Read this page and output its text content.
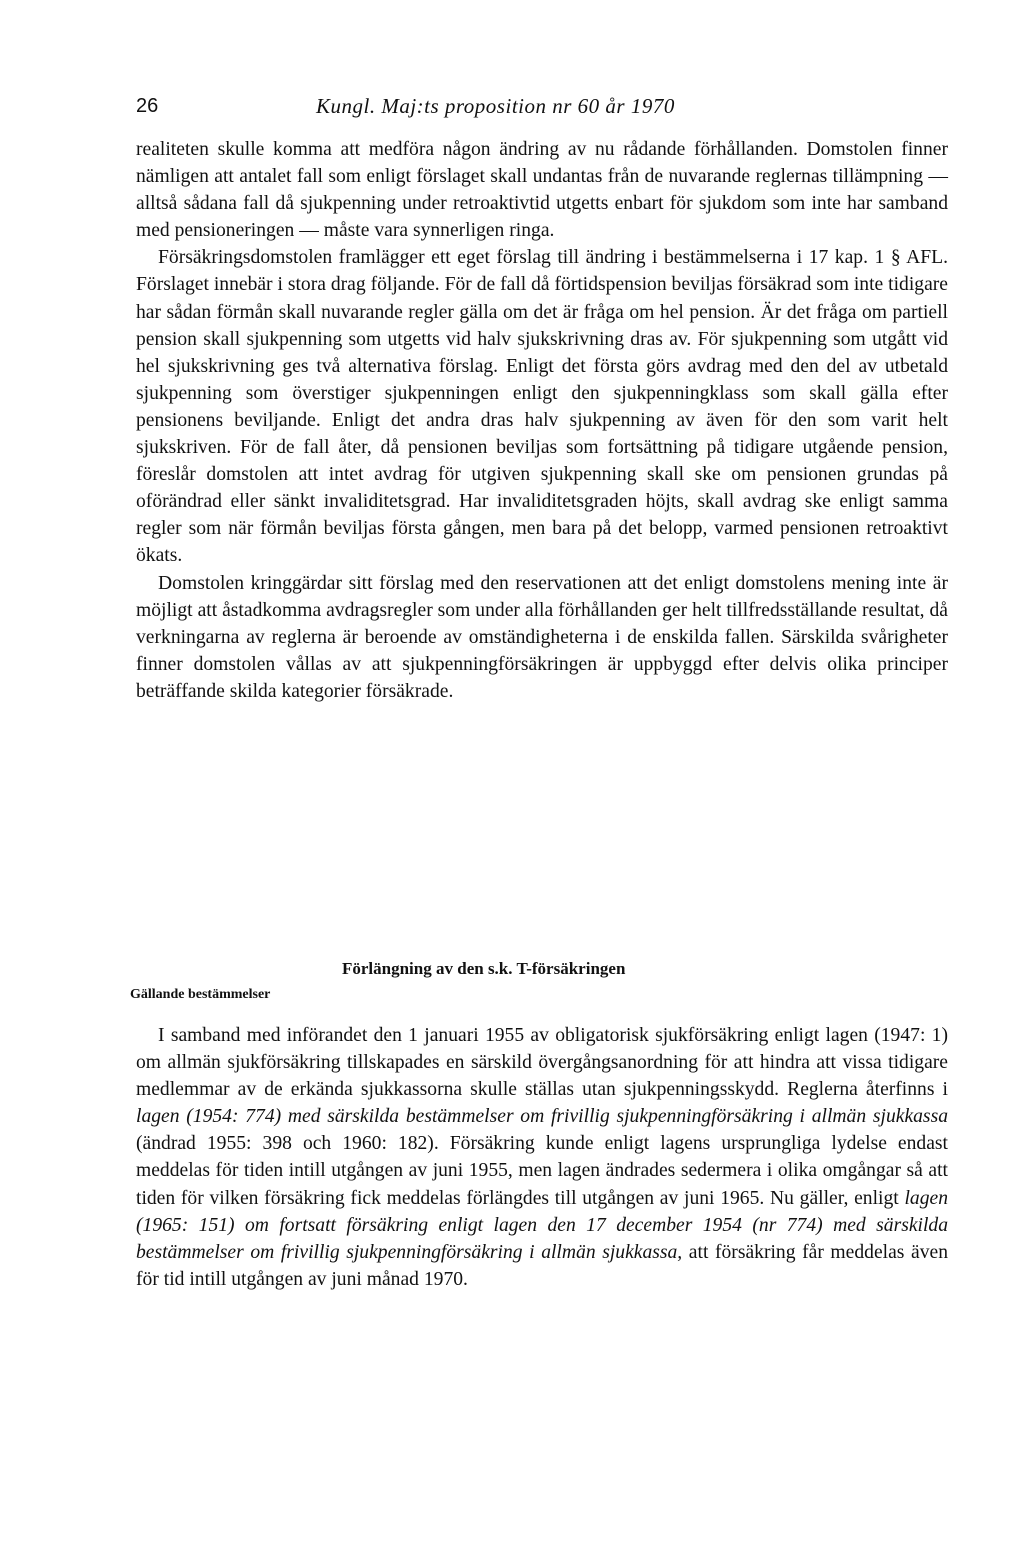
26	Kungl. Maj:ts proposition nr 60 år 1970

realiteten skulle komma att medföra någon ändring av nu rådande förhållanden. Domstolen finner nämligen att antalet fall som enligt förslaget skall undantas från de nuvarande reglernas tillämpning — alltså sådana fall då sjukpenning under retroaktivtid utgetts enbart för sjukdom som inte har samband med pensioneringen — måste vara synnerligen ringa.

Försäkringsdomstolen framlägger ett eget förslag till ändring i bestämmelserna i 17 kap. 1 § AFL. Förslaget innebär i stora drag följande. För de fall då förtidspension beviljas försäkrad som inte tidigare har sådan förmån skall nuvarande regler gälla om det är fråga om hel pension. Är det fråga om partiell pension skall sjukpenning som utgetts vid halv sjukskrivning dras av. För sjukpenning som utgått vid hel sjukskrivning ges två alternativa förslag. Enligt det första görs avdrag med den del av utbetald sjukpenning som överstiger sjukpenningen enligt den sjukpenningklass som skall gälla efter pensionens beviljande. Enligt det andra dras halv sjukpenning av även för den som varit helt sjukskriven. För de fall åter, då pensionen beviljas som fortsättning på tidigare utgående pension, föreslår domstolen att intet avdrag för utgiven sjukpenning skall ske om pensionen grundas på oförändrad eller sänkt invaliditetsgrad. Har invaliditetsgraden höjts, skall avdrag ske enligt samma regler som när förmån beviljas första gången, men bara på det belopp, varmed pensionen retroaktivt ökats.

Domstolen kringgärdar sitt förslag med den reservationen att det enligt domstolens mening inte är möjligt att åstadkomma avdragsregler som under alla förhållanden ger helt tillfredsställande resultat, då verkningarna av reglerna är beroende av omständigheterna i de enskilda fallen. Särskilda svårigheter finner domstolen vållas av att sjukpenningförsäkringen är uppbyggd efter delvis olika principer beträffande skilda kategorier försäkrade.

Förlängning av den s.k. T-försäkringen
Gällande bestämmelser

I samband med införandet den 1 januari 1955 av obligatorisk sjukförsäkring enligt lagen (1947: 1) om allmän sjukförsäkring tillskapades en särskild övergångsanordning för att hindra att vissa tidigare medlemmar av de erkända sjukkassorna skulle ställas utan sjukpenningsskydd. Reglerna återfinns i lagen (1954: 774) med särskilda bestämmelser om frivillig sjukpenningförsäkring i allmän sjukkassa (ändrad 1955: 398 och 1960: 182). Försäkring kunde enligt lagens ursprungliga lydelse endast meddelas för tiden intill utgången av juni 1955, men lagen ändrades sedermera i olika omgångar så att tiden för vilken försäkring fick meddelas förlängdes till utgången av juni 1965. Nu gäller, enligt lagen (1965: 151) om fortsatt försäkring enligt lagen den 17 december 1954 (nr 774) med särskilda bestämmelser om frivillig sjukpenningförsäkring i allmän sjukkassa, att försäkring får meddelas även för tid intill utgången av juni månad 1970.
